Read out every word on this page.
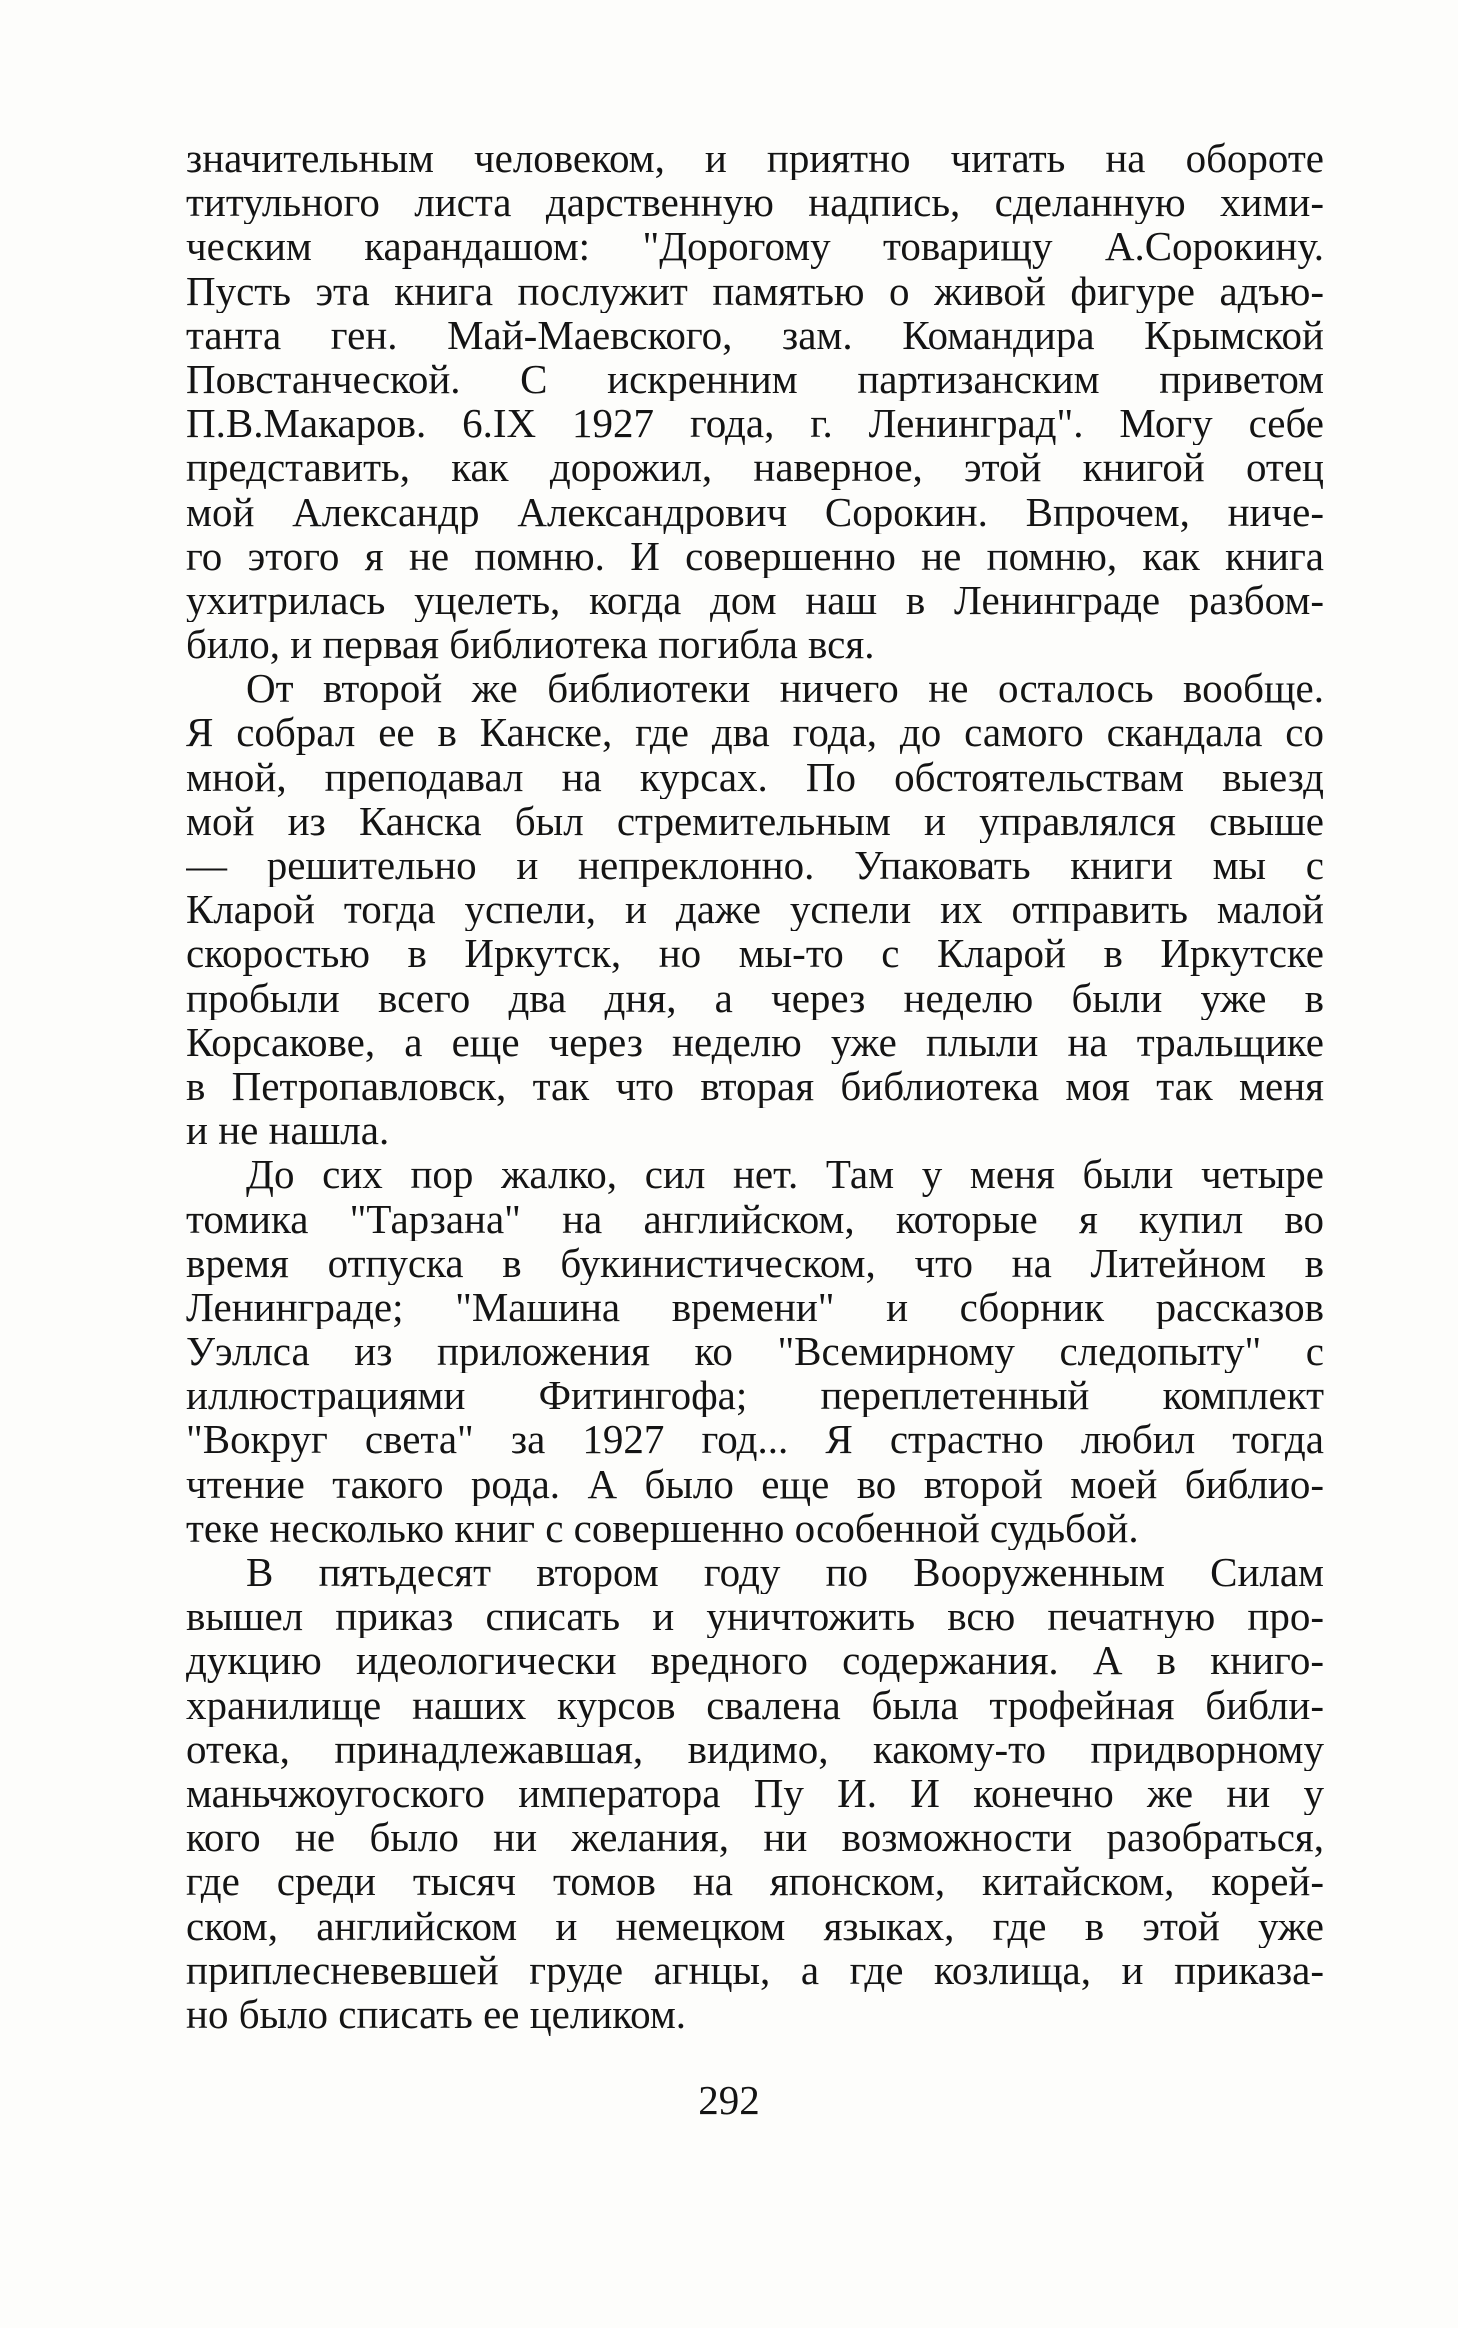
значительным человеком, и приятно читать на обороте
титульного листа дарственную надпись, сделанную хими-
ческим карандашом: "Дорогому товарищу А.Сорокину.
Пусть эта книга послужит памятью о живой фигуре адъю-
танта ген. Май-Маевского, зам. Командира Крымской
Повстанческой. С искренним партизанским приветом
П.В.Макаров. 6.IX 1927 года, г. Ленинград". Могу себе
представить, как дорожил, наверное, этой книгой отец
мой Александр Александрович Сорокин. Впрочем, ниче-
го этого я не помню. И совершенно не помню, как книга
ухитрилась уцелеть, когда дом наш в Ленинграде разбом-
било, и первая библиотека погибла вся.
От второй же библиотеки ничего не осталось вообще.
Я собрал ее в Канске, где два года, до самого скандала со
мной, преподавал на курсах. По обстоятельствам выезд
мой из Канска был стремительным и управлялся свыше
— решительно и непреклонно. Упаковать книги мы с
Кларой тогда успели, и даже успели их отправить малой
скоростью в Иркутск, но мы-то с Кларой в Иркутске
пробыли всего два дня, а через неделю были уже в
Корсакове, а еще через неделю уже плыли на тральщике
в Петропавловск, так что вторая библиотека моя так меня
и не нашла.
До сих пор жалко, сил нет. Там у меня были четыре
томика "Тарзана" на английском, которые я купил во
время отпуска в букинистическом, что на Литейном в
Ленинграде; "Машина времени" и сборник рассказов
Уэллса из приложения ко "Всемирному следопыту" с
иллюстрациями Фитингофа; переплетенный комплект
"Вокруг света" за 1927 год... Я страстно любил тогда
чтение такого рода. А было еще во второй моей библио-
теке несколько книг с совершенно особенной судьбой.
В пятьдесят втором году по Вооруженным Силам
вышел приказ списать и уничтожить всю печатную про-
дукцию идеологически вредного содержания. А в книго-
хранилище наших курсов свалена была трофейная библи-
отека, принадлежавшая, видимо, какому-то придворному
маньчжоугоского императора Пу И. И конечно же ни у
кого не было ни желания, ни возможности разобраться,
где среди тысяч томов на японском, китайском, корей-
ском, английском и немецком языках, где в этой уже
приплесневевшей груде агнцы, а где козлища, и приказа-
но было списать ее целиком.
292
